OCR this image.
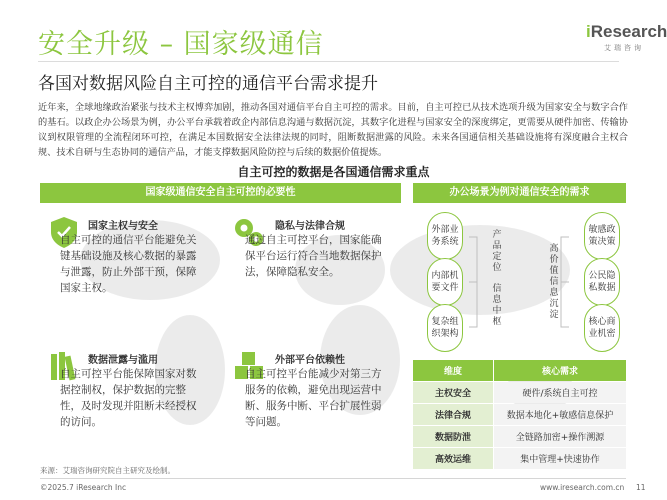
安全升级 – 国家级通信	iResearch
艾瑞咨询
各国对数据风险自主可控的通信平台需求提升
近年来，全球地缘政治紧张与技术主权博弈加剧，推动各国对通信平台自主可控的需求。目前，自主可控已从技术选项升级为国家安全与数字合作的基石。以政企办公场景为例，办公平台承载着政企内部信息沟通与数据沉淀，其数字化进程与国家安全的深度绑定，更需要从硬件加密、传输协议到权限管理的全流程闭环可控，在满足本国数据安全法律法规的同时，阻断数据泄露的风险。未来各国通信相关基础设施将有深度融合主权合规、技术自研与生态协同的通信产品，才能支撑数据风险防控与后续的数据价值提炼。
自主可控的数据是各国通信需求重点
国家级通信安全自主可控的必要性
国家主权与安全
自主可控的通信平台能避免关键基础设施及核心数据的暴露与泄露，防止外部干预，保障国家主权。
隐私与法律合规
通过自主可控平台，国家能确保平台运行符合当地数据保护法，保障隐私安全。
数据泄露与滥用
自主可控平台能保障国家对数据控制权，保护数据的完整性，及时发现并阻断未经授权的访问。
外部平台依赖性
自主可控平台能减少对第三方服务的依赖，避免出现运营中断、服务中断、平台扩展性弱等问题。
办公场景为例对通信安全的需求
外部业务系统
内部机要文件
复杂组织架构
产品定位
信息中枢
高价值信息沉淀
敏感政策决策
公民隐私数据
核心商业机密
维度	核心需求
主权安全	硬件/系统自主可控
法律合规	数据本地化+敏感信息保护
数据防泄	全链路加密+操作溯源
高效运维	集中管理+快速协作
来源：艾瑞咨询研究院自主研究及绘制。
©2025.7 iResearch Inc	www.iresearch.com.cn 11
